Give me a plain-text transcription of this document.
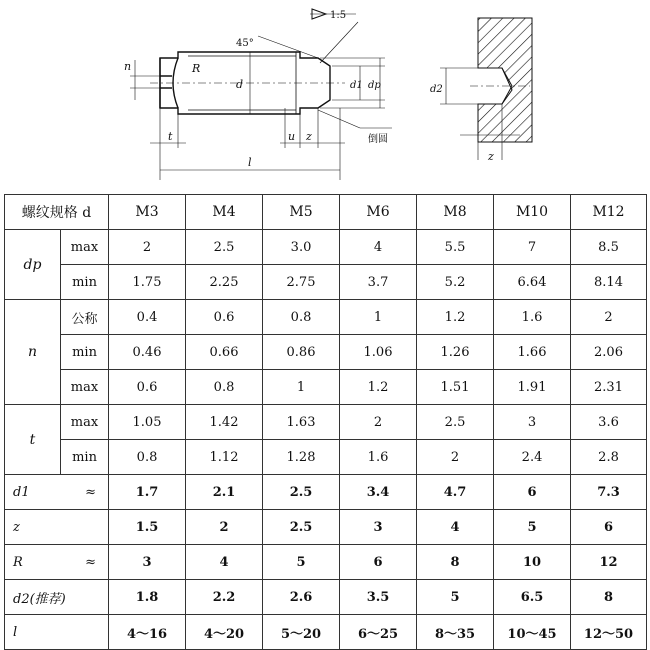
1:5
45°
倒圆
n	R
d	d1 dp
t	u z
l
d2
z
螺纹规格 d		M3	M4	M5	M6	M8	M10	M12
dp	max	2	2.5	3.0	4	5.5	7	8.5
	min	1.75	2.25	2.75	3.7	5.2	6.64	8.14
n	公称	0.4	0.6	0.8	1	1.2	1.6	2
	min	0.46	0.66	0.86	1.06	1.26	1.66	2.06
	max	0.6	0.8	1	1.2	1.51	1.91	2.31
t	max	1.05	1.42	1.63	2	2.5	3	3.6
	min	0.8	1.12	1.28	1.6	2	2.4	2.8
d1 ≈		1.7	2.1	2.5	3.4	4.7	6	7.3
z		1.5	2	2.5	3	4	5	6
R ≈		3	4	5	6	8	10	12
d2(推荐)		1.8	2.2	2.6	3.5	5	6.5	8
l		4～16	4～20	5～20	6～25	8～35	10～45	12～50
